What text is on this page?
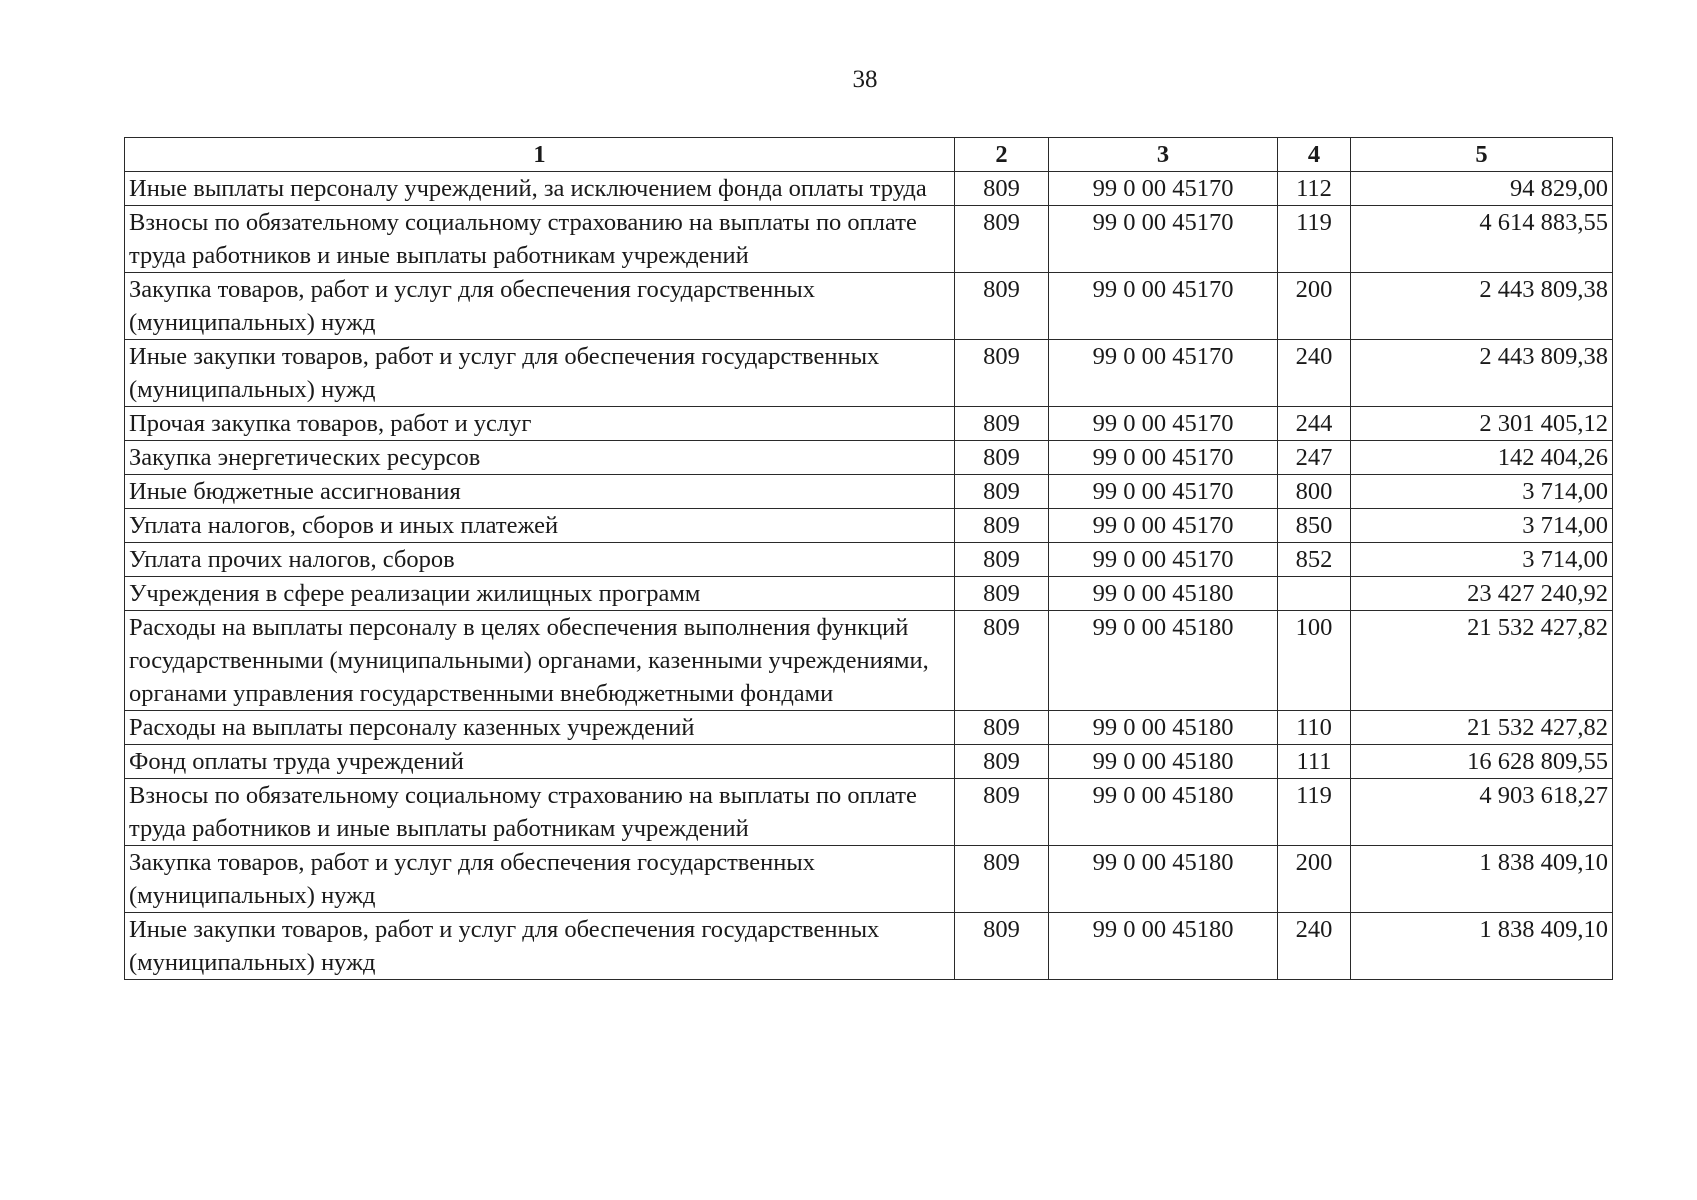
38
1	2	3	4	5
Иные выплаты персоналу учреждений, за исключением фонда оплаты труда	809	99 0 00 45170	112	94 829,00
Взносы по обязательному социальному страхованию на выплаты по оплате труда работников и иные выплаты работникам учреждений	809	99 0 00 45170	119	4 614 883,55
Закупка товаров, работ и услуг для обеспечения государственных (муниципальных) нужд	809	99 0 00 45170	200	2 443 809,38
Иные закупки товаров, работ и услуг для обеспечения государственных (муниципальных) нужд	809	99 0 00 45170	240	2 443 809,38
Прочая закупка товаров, работ и услуг	809	99 0 00 45170	244	2 301 405,12
Закупка энергетических ресурсов	809	99 0 00 45170	247	142 404,26
Иные бюджетные ассигнования	809	99 0 00 45170	800	3 714,00
Уплата налогов, сборов и иных платежей	809	99 0 00 45170	850	3 714,00
Уплата прочих налогов, сборов	809	99 0 00 45170	852	3 714,00
Учреждения в сфере реализации жилищных программ	809	99 0 00 45180		23 427 240,92
Расходы на выплаты персоналу в целях обеспечения выполнения функций государственными (муниципальными) органами, казенными учреждениями, органами управления государственными внебюджетными фондами	809	99 0 00 45180	100	21 532 427,82
Расходы на выплаты персоналу казенных учреждений	809	99 0 00 45180	110	21 532 427,82
Фонд оплаты труда учреждений	809	99 0 00 45180	111	16 628 809,55
Взносы по обязательному социальному страхованию на выплаты по оплате труда работников и иные выплаты работникам учреждений	809	99 0 00 45180	119	4 903 618,27
Закупка товаров, работ и услуг для обеспечения государственных (муниципальных) нужд	809	99 0 00 45180	200	1 838 409,10
Иные закупки товаров, работ и услуг для обеспечения государственных (муниципальных) нужд	809	99 0 00 45180	240	1 838 409,10
